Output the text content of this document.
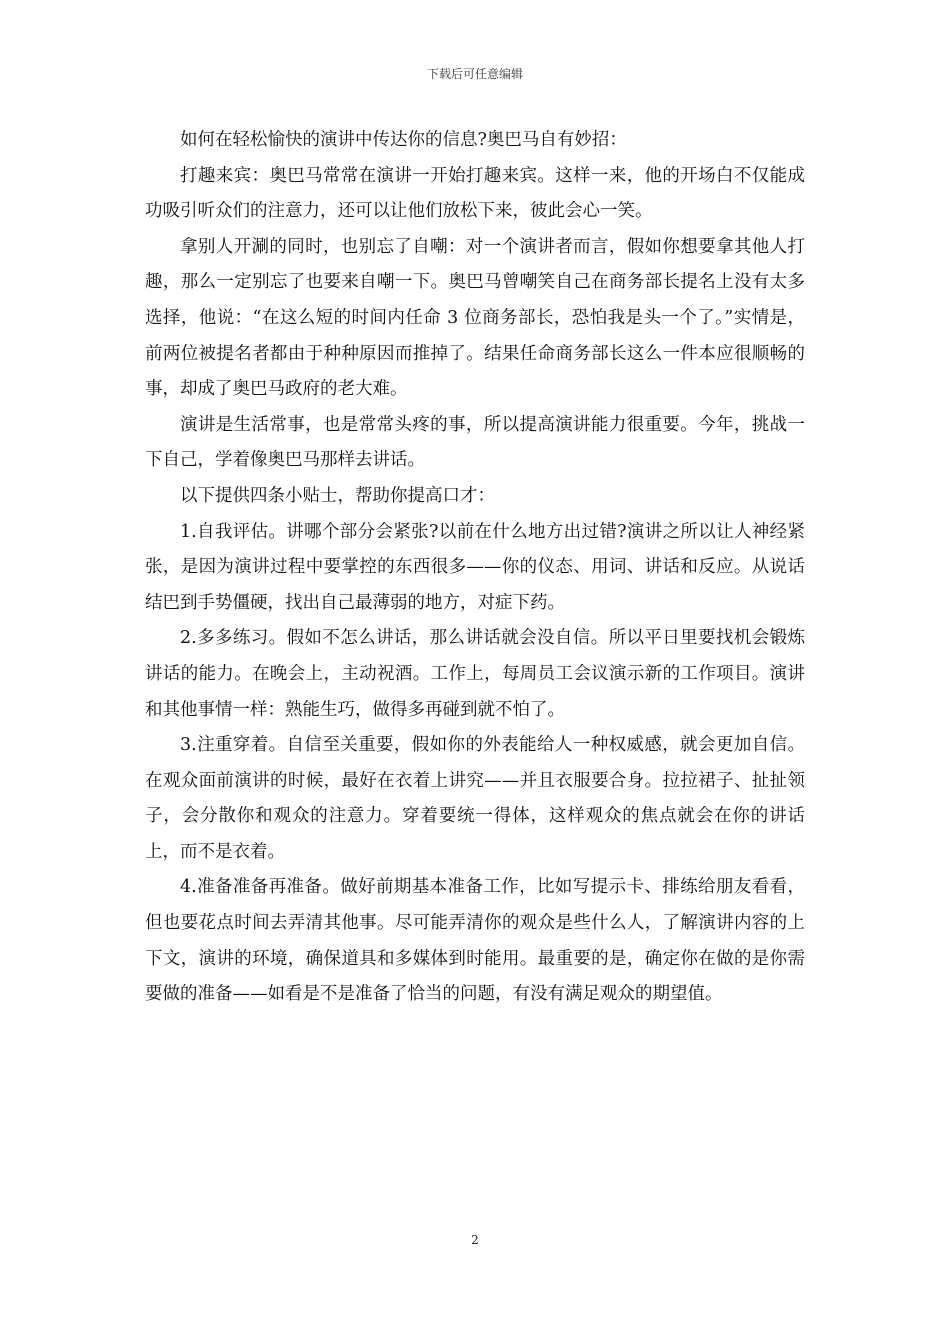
下载后可任意编辑

如何在轻松愉快的演讲中传达你的信息?奥巴马自有妙招：

打趣来宾：奥巴马常常在演讲一开始打趣来宾。这样一来，他的开场白不仅能成功吸引听众们的注意力，还可以让他们放松下来，彼此会心一笑。

拿别人开涮的同时，也别忘了自嘲：对一个演讲者而言，假如你想要拿其他人打趣，那么一定别忘了也要来自嘲一下。奥巴马曾嘲笑自己在商务部长提名上没有太多选择，他说：“在这么短的时间内任命 3 位商务部长，恐怕我是头一个了。”实情是，前两位被提名者都由于种种原因而推掉了。结果任命商务部长这么一件本应很顺畅的事，却成了奥巴马政府的老大难。

演讲是生活常事，也是常常头疼的事，所以提高演讲能力很重要。今年，挑战一下自己，学着像奥巴马那样去讲话。

以下提供四条小贴士，帮助你提高口才：

1.自我评估。讲哪个部分会紧张?以前在什么地方出过错?演讲之所以让人神经紧张，是因为演讲过程中要掌控的东西很多——你的仪态、用词、讲话和反应。从说话结巴到手势僵硬，找出自己最薄弱的地方，对症下药。

2.多多练习。假如不怎么讲话，那么讲话就会没自信。所以平日里要找机会锻炼讲话的能力。在晚会上，主动祝酒。工作上，每周员工会议演示新的工作项目。演讲和其他事情一样：熟能生巧，做得多再碰到就不怕了。

3.注重穿着。自信至关重要，假如你的外表能给人一种权威感，就会更加自信。在观众面前演讲的时候，最好在衣着上讲究——并且衣服要合身。拉拉裙子、扯扯领子，会分散你和观众的注意力。穿着要统一得体，这样观众的焦点就会在你的讲话上，而不是衣着。

4.准备准备再准备。做好前期基本准备工作，比如写提示卡、排练给朋友看看，但也要花点时间去弄清其他事。尽可能弄清你的观众是些什么人，了解演讲内容的上下文，演讲的环境，确保道具和多媒体到时能用。最重要的是，确定你在做的是你需要做的准备——如看是不是准备了恰当的问题，有没有满足观众的期望值。

2
